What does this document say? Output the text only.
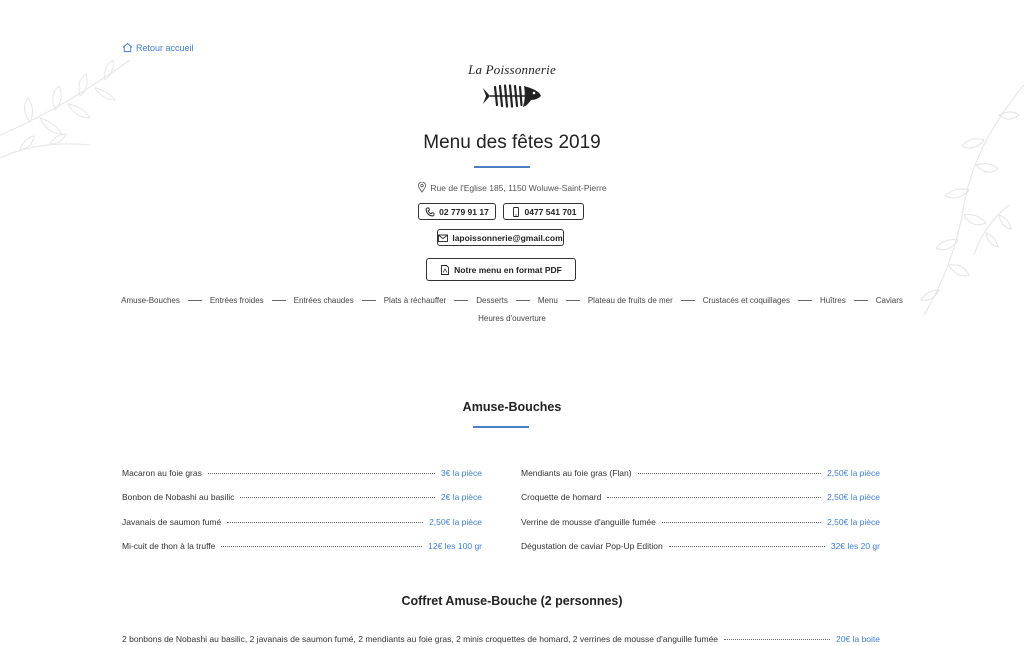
Retour accueil
La Poissonnerie
Menu des fêtes 2019
Rue de l'Eglise 185, 1150 Woluwe-Saint-Pierre
02 779 91 17	0477 541 701
lapoissonnerie@gmail.com
Notre menu en format PDF
Amuse-Bouches	Entrées froides	Entrées chaudes	Plats à réchauffer	Desserts	Menu	Plateau de fruits de mer	Crustacés et coquillages	Huîtres	Caviars
Heures d'ouverture
Amuse-Bouches
Macaron au foie gras	3€ la pièce
Bonbon de Nobashi au basilic	2€ la pièce
Javanais de saumon fumé	2,50€ la pièce
Mi-cuit de thon à la truffe	12€ les 100 gr
Mendiants au foie gras (Flan)	2,50€ la pièce
Croquette de homard	2,50€ la pièce
Verrine de mousse d'anguille fumée	2,50€ la pièce
Dégustation de caviar Pop-Up Edition	32€ les 20 gr
Coffret Amuse-Bouche (2 personnes)
2 bonbons de Nobashi au basilic, 2 javanais de saumon fumé, 2 mendiants au foie gras, 2 minis croquettes de homard, 2 verrines de mousse d'anguille fumée	20€ la boite
